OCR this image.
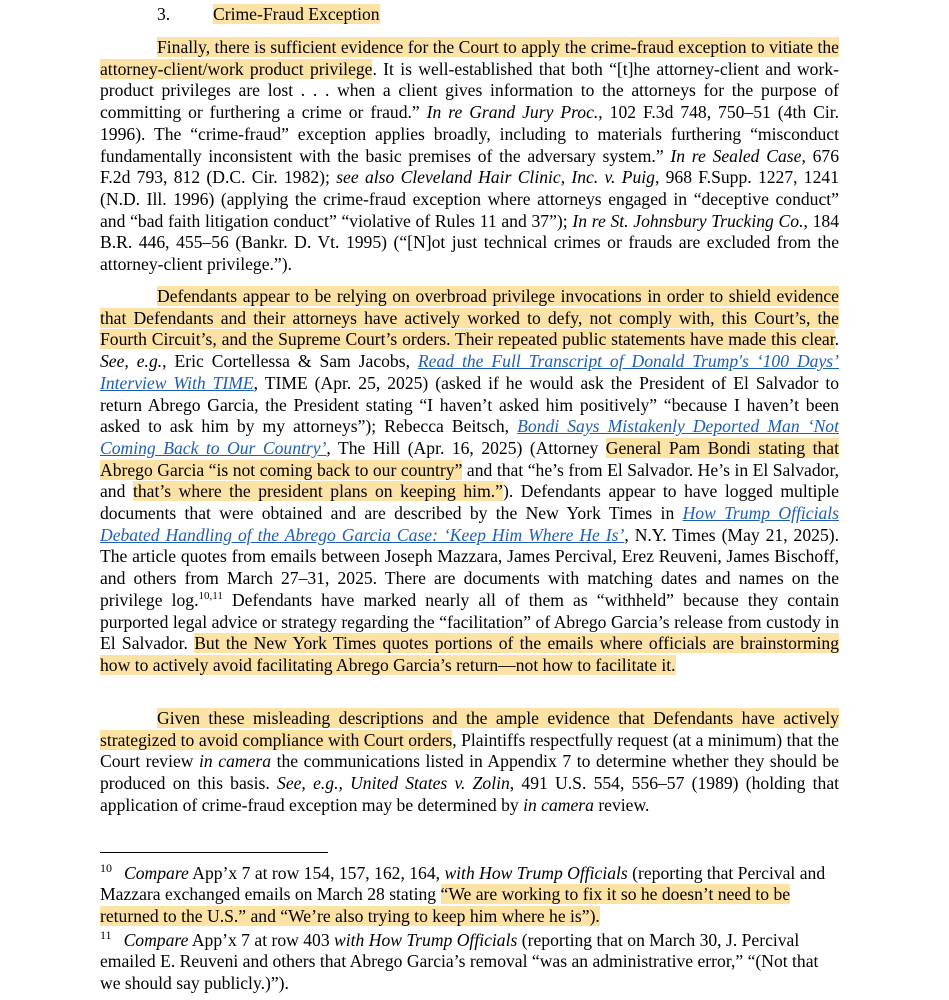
3. Crime-Fraud Exception

Finally, there is sufficient evidence for the Court to apply the crime-fraud exception to vitiate the attorney-client/work product privilege. It is well-established that both “[t]he attorney-client and work-product privileges are lost . . . when a client gives information to the attorneys for the purpose of committing or furthering a crime or fraud.” In re Grand Jury Proc., 102 F.3d 748, 750–51 (4th Cir. 1996). The “crime-fraud” exception applies broadly, including to materials furthering “misconduct fundamentally inconsistent with the basic premises of the adversary system.” In re Sealed Case, 676 F.2d 793, 812 (D.C. Cir. 1982); see also Cleveland Hair Clinic, Inc. v. Puig, 968 F.Supp. 1227, 1241 (N.D. Ill. 1996) (applying the crime-fraud exception where attorneys engaged in “deceptive conduct” and “bad faith litigation conduct” “violative of Rules 11 and 37”); In re St. Johnsbury Trucking Co., 184 B.R. 446, 455–56 (Bankr. D. Vt. 1995) (“[N]ot just technical crimes or frauds are excluded from the attorney-client privilege.”).

Defendants appear to be relying on overbroad privilege invocations in order to shield evidence that Defendants and their attorneys have actively worked to defy, not comply with, this Court’s, the Fourth Circuit’s, and the Supreme Court’s orders. Their repeated public statements have made this clear. See, e.g., Eric Cortellessa & Sam Jacobs, Read the Full Transcript of Donald Trump's ‘100 Days’ Interview With TIME, TIME (Apr. 25, 2025) (asked if he would ask the President of El Salvador to return Abrego Garcia, the President stating “I haven’t asked him positively” “because I haven’t been asked to ask him by my attorneys”); Rebecca Beitsch, Bondi Says Mistakenly Deported Man ‘Not Coming Back to Our Country’, The Hill (Apr. 16, 2025) (Attorney General Pam Bondi stating that Abrego Garcia “is not coming back to our country” and that “he’s from El Salvador. He’s in El Salvador, and that’s where the president plans on keeping him.”). Defendants appear to have logged multiple documents that were obtained and are described by the New York Times in How Trump Officials Debated Handling of the Abrego Garcia Case: ‘Keep Him Where He Is’, N.Y. Times (May 21, 2025). The article quotes from emails between Joseph Mazzara, James Percival, Erez Reuveni, James Bischoff, and others from March 27–31, 2025. There are documents with matching dates and names on the privilege log.$^{10,11}$ Defendants have marked nearly all of them as “withheld” because they contain purported legal advice or strategy regarding the “facilitation” of Abrego Garcia’s release from custody in El Salvador. But the New York Times quotes portions of the emails where officials are brainstorming how to actively avoid facilitating Abrego Garcia’s return—not how to facilitate it.

Given these misleading descriptions and the ample evidence that Defendants have actively strategized to avoid compliance with Court orders, Plaintiffs respectfully request (at a minimum) that the Court review in camera the communications listed in Appendix 7 to determine whether they should be produced on this basis. See, e.g., United States v. Zolin, 491 U.S. 554, 556–57 (1989) (holding that application of crime-fraud exception may be determined by in camera review.

$^{10}$ Compare App’x 7 at row 154, 157, 162, 164, with How Trump Officials (reporting that Percival and Mazzara exchanged emails on March 28 stating “We are working to fix it so he doesn’t need to be returned to the U.S.” and “We’re also trying to keep him where he is”).

$^{11}$ Compare App’x 7 at row 403 with How Trump Officials (reporting that on March 30, J. Percival emailed E. Reuveni and others that Abrego Garcia’s removal “was an administrative error,” “(Not that we should say publicly.)”).
